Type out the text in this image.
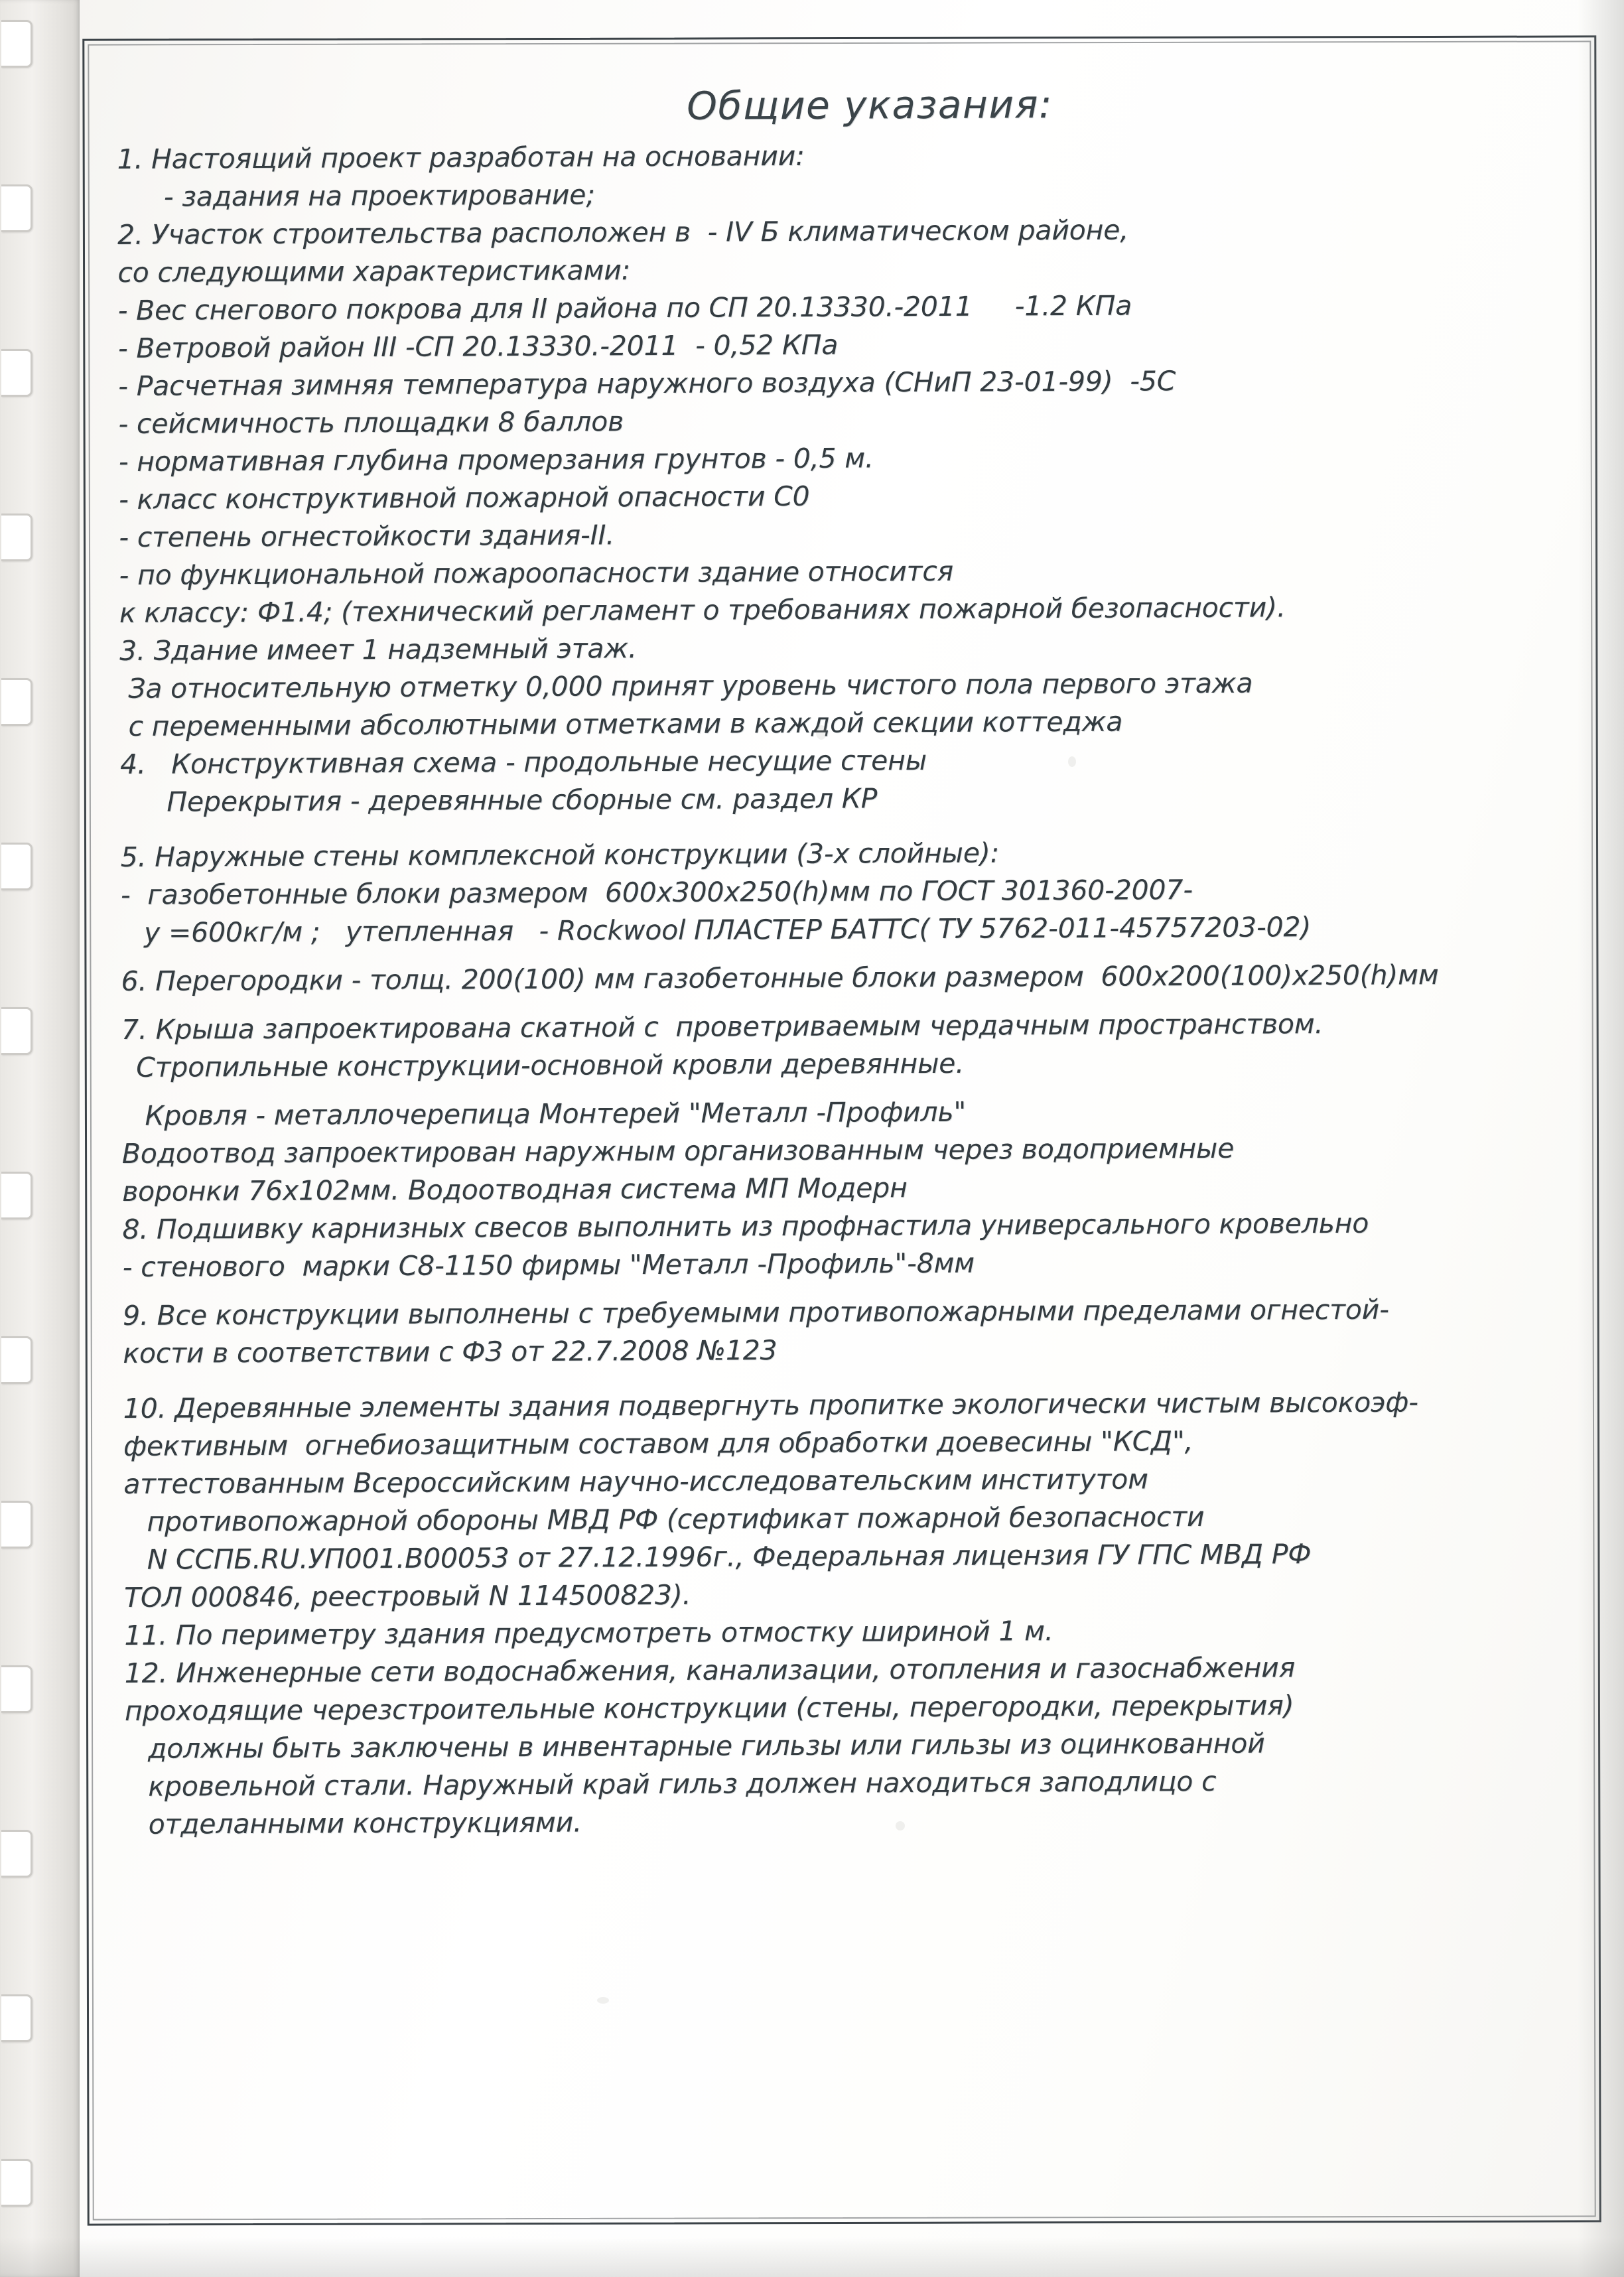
Общие указания:
1. Настоящий проект разработан на основании:
- задания на проектирование;
2. Участок строительства расположен в  - IV Б климатическом районе,
со следующими характеристиками:
- Вес снегового покрова для II района по СП 20.13330.-2011     -1.2 КПа
- Ветровой район III -СП 20.13330.-2011  - 0,52 КПа
- Расчетная зимняя температура наружного воздуха (СНиП 23-01-99)  -5С
- сейсмичность площадки 8 баллов
- нормативная глубина промерзания грунтов - 0,5 м.
- класс конструктивной пожарной опасности С0
- степень огнестойкости здания-II.
- по функциональной пожароопасности здание относится
к классу: Ф1.4; (технический регламент о требованиях пожарной безопасности).
3. Здание имеет 1 надземный этаж.
За относительную отметку 0,000 принят уровень чистого пола первого этажа
с переменными абсолютными отметками в каждой секции коттеджа
4.   Конструктивная схема - продольные несущие стены
Перекрытия - деревянные сборные см. раздел КР
5. Наружные стены комплексной конструкции (3-х слойные):
-  газобетонные блоки размером  600х300х250(h)мм по ГОСТ 301360-2007-
y =600кг/м ;   утепленная   - Rockwool ПЛАСТЕР БАТТС( ТУ 5762-011-45757203-02)
6. Перегородки - толщ. 200(100) мм газобетонные блоки размером  600х200(100)х250(h)мм
7. Крыша запроектирована скатной с  проветриваемым чердачным пространством.
Стропильные конструкции-основной кровли деревянные.
Кровля - металлочерепица Монтерей "Металл -Профиль"
Водоотвод запроектирован наружным организованным через водоприемные
воронки 76х102мм. Водоотводная система МП Модерн
8. Подшивку карнизных свесов выполнить из профнастила универсального кровельно
- стенового  марки С8-1150 фирмы "Металл -Профиль"-8мм
9. Все конструкции выполнены с требуемыми противопожарными пределами огнестой-
кости в соответствии с ФЗ от 22.7.2008 №123
10. Деревянные элементы здания подвергнуть пропитке экологически чистым высокоэф-
фективным  огнебиозащитным составом для обработки доевесины "КСД",
аттестованным Всероссийским научно-исследовательским институтом
противопожарной обороны МВД РФ (сертификат пожарной безопасности
N ССПБ.RU.УП001.В00053 от 27.12.1996г., Федеральная лицензия ГУ ГПС МВД РФ
ТОЛ 000846, реестровый N 114500823).
11. По периметру здания предусмотреть отмостку шириной 1 м.
12. Инженерные сети водоснабжения, канализации, отопления и газоснабжения
проходящие черезстроительные конструкции (стены, перегородки, перекрытия)
должны быть заключены в инвентарные гильзы или гильзы из оцинкованной
кровельной стали. Наружный край гильз должен находиться заподлицо с
отделанными конструкциями.
